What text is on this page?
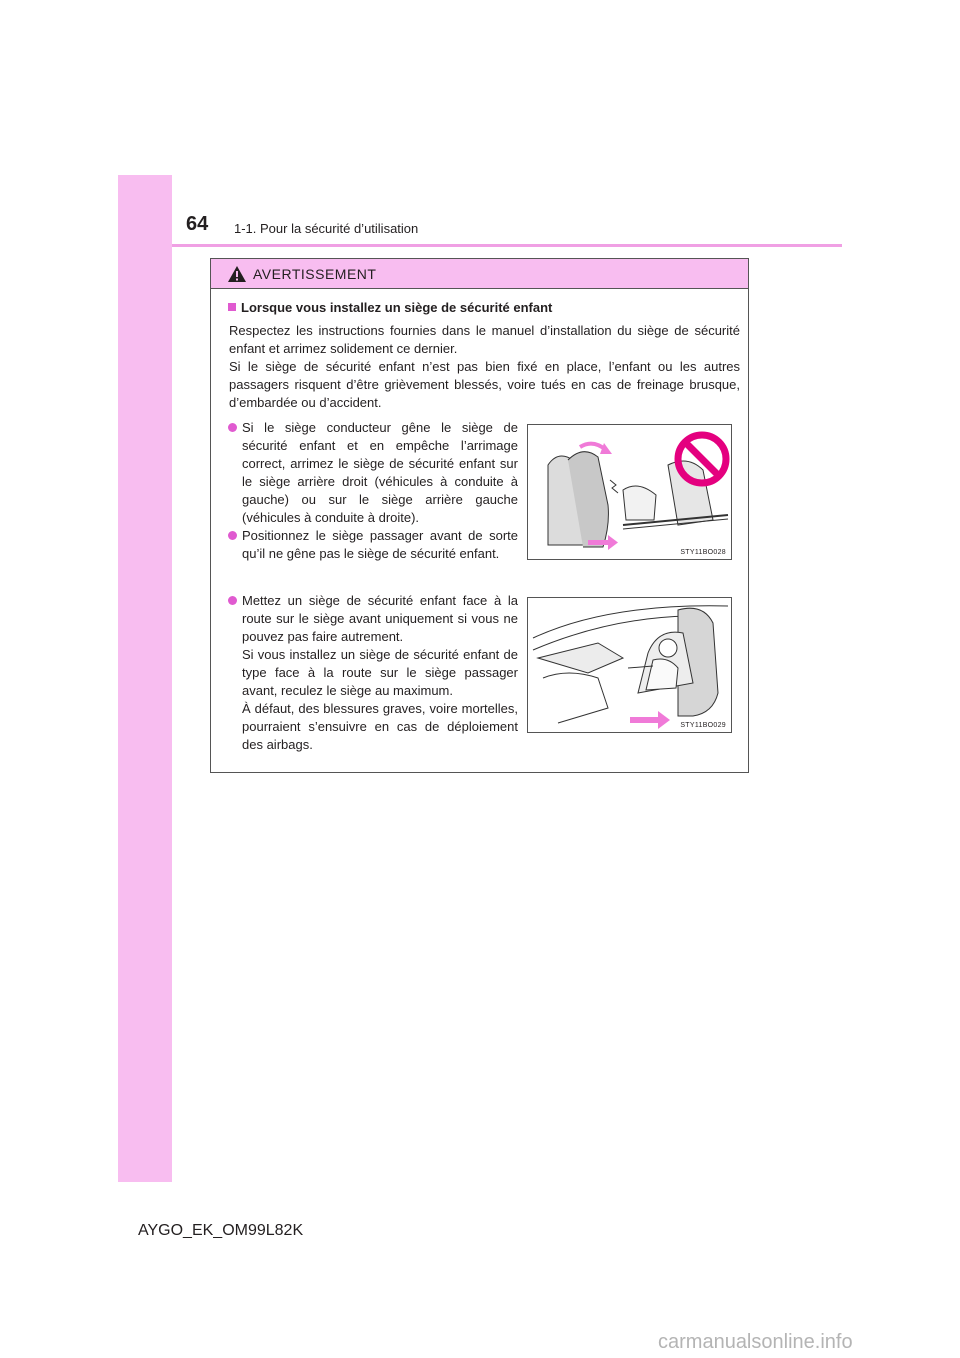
64 1-1. Pour la sécurité d’utilisation
AVERTISSEMENT
Lorsque vous installez un siège de sécurité enfant
Respectez les instructions fournies dans le manuel d’installation du siège de sécurité enfant et arrimez solidement ce dernier.
Si le siège de sécurité enfant n’est pas bien fixé en place, l’enfant ou les autres passagers risquent d’être grièvement blessés, voire tués en cas de freinage brusque, d’embardée ou d’accident.
Si le siège conducteur gêne le siège de sécurité enfant et en empêche l’arrimage correct, arrimez le siège de sécurité enfant sur le siège arrière droit (véhicules à conduite à gauche) ou sur le siège arrière gauche (véhicules à conduite à droite).
Positionnez le siège passager avant de sorte qu’il ne gêne pas le siège de sécurité enfant.
Mettez un siège de sécurité enfant face à la route sur le siège avant uniquement si vous ne pouvez pas faire autrement.
Si vous installez un siège de sécurité enfant de type face à la route sur le siège passager avant, reculez le siège au maximum.
À défaut, des blessures graves, voire mortelles, pourraient s’ensuivre en cas de déploiement des airbags.
STY11BO028
STY11BO029
AYGO_EK_OM99L82K
carmanualsonline.info
